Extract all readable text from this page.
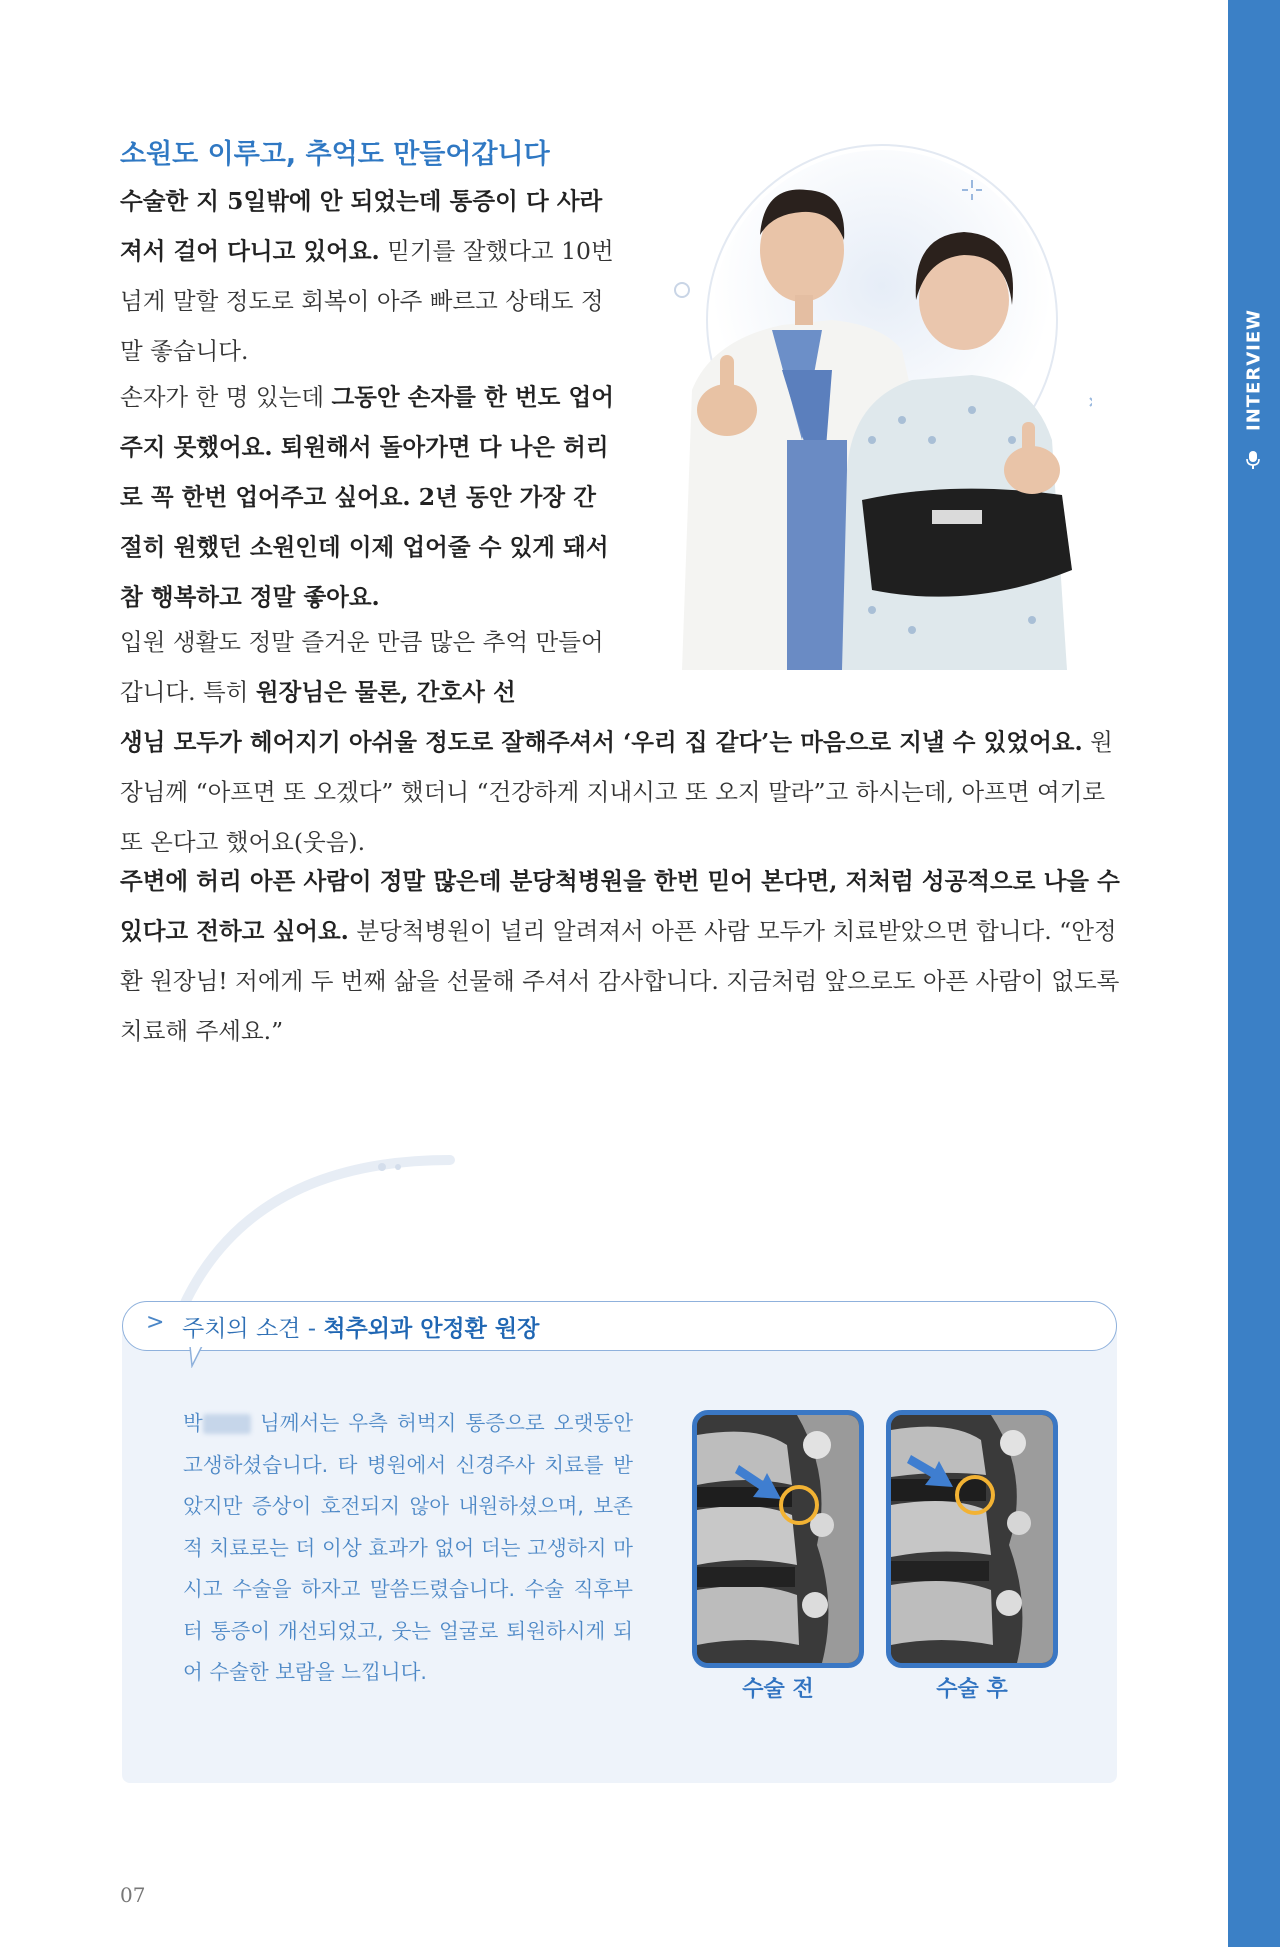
INTERVIEW
소원도 이루고, 추억도 만들어갑니다

수술한 지 5일밖에 안 되었는데 통증이 다 사라져서 걸어 다니고 있어요. 믿기를 잘했다고 10번 넘게 말할 정도로 회복이 아주 빠르고 상태도 정말 좋습니다.

손자가 한 명 있는데 그동안 손자를 한 번도 업어주지 못했어요. 퇴원해서 돌아가면 다 나은 허리로 꼭 한번 업어주고 싶어요. 2년 동안 가장 간절히 원했던 소원인데 이제 업어줄 수 있게 돼서 참 행복하고 정말 좋아요.

입원 생활도 정말 즐거운 만큼 많은 추억 만들어갑니다. 특히 원장님은 물론, 간호사 선

생님 모두가 헤어지기 아쉬울 정도로 잘해주셔서 ‘우리 집 같다’는 마음으로 지낼 수 있었어요. 원장님께 “아프면 또 오겠다” 했더니 “건강하게 지내시고 또 오지 말라”고 하시는데, 아프면 여기로 또 온다고 했어요(웃음).

주변에 허리 아픈 사람이 정말 많은데 분당척병원을 한번 믿어 본다면, 저처럼 성공적으로 나을 수 있다고 전하고 싶어요. 분당척병원이 널리 알려져서 아픈 사람 모두가 치료받았으면 합니다. “안정환 원장님! 저에게 두 번째 삶을 선물해 주셔서 감사합니다. 지금처럼 앞으로도 아픈 사람이 없도록 치료해 주세요.”

> 주치의 소견 - 척추외과 안정환 원장

박 님께서는 우측 허벅지 통증으로 오랫동안 고생하셨습니다. 타 병원에서 신경주사 치료를 받았지만 증상이 호전되지 않아 내원하셨으며, 보존적 치료로는 더 이상 효과가 없어 더는 고생하지 마시고 수술을 하자고 말씀드렸습니다. 수술 직후부터 통증이 개선되었고, 웃는 얼굴로 퇴원하시게 되어 수술한 보람을 느낍니다.

수술 전	수술 후
07
